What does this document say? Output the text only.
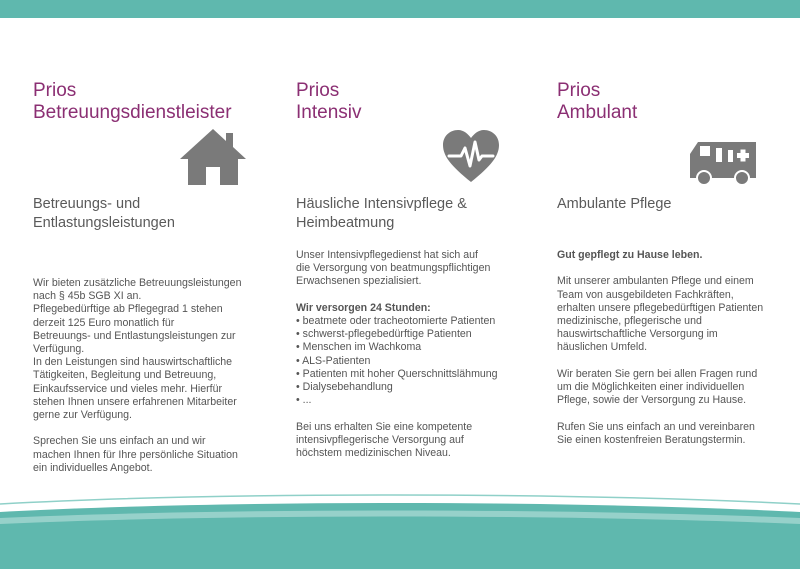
Prios
Betreuungsdienstleister
Betreuungs- und
Entlastungsleistungen

Wir bieten zusätzliche Betreuungsleistungen
nach § 45b SGB XI an.
Pflegebedürftige ab Pflegegrad 1 stehen
derzeit 125 Euro monatlich für
Betreuungs- und Entlastungsleistungen zur
Verfügung.
In den Leistungen sind hauswirtschaftliche
Tätigkeiten, Begleitung und Betreuung,
Einkaufsservice und vieles mehr. Hierfür
stehen Ihnen unsere erfahrenen Mitarbeiter
gerne zur Verfügung.

Sprechen Sie uns einfach an und wir
machen Ihnen für Ihre persönliche Situation
ein individuelles Angebot.

Prios
Intensiv
Häusliche Intensivpflege &
Heimbeatmung

Unser Intensivpflegedienst hat sich auf
die Versorgung von beatmungspflichtigen
Erwachsenen spezialisiert.

Wir versorgen 24 Stunden:

• beatmete oder tracheotomierte Patienten
• schwerst-pflegebedürftige Patienten
• Menschen im Wachkoma
• ALS-Patienten
• Patienten mit hoher Querschnittslähmung
• Dialysebehandlung
• ...

Bei uns erhalten Sie eine kompetente
intensivpflegerische Versorgung auf
höchstem medizinischen Niveau.

Prios
Ambulant
Ambulante Pflege

Gut gepflegt zu Hause leben.

Mit unserer ambulanten Pflege und einem
Team von ausgebildeten Fachkräften,
erhalten unsere pflegebedürftigen Patienten
medizinische, pflegerische und
hauswirtschaftliche Versorgung im
häuslichen Umfeld.

Wir beraten Sie gern bei allen Fragen rund
um die Möglichkeiten einer individuellen
Pflege, sowie der Versorgung zu Hause.

Rufen Sie uns einfach an und vereinbaren
Sie einen kostenfreien Beratungstermin.
